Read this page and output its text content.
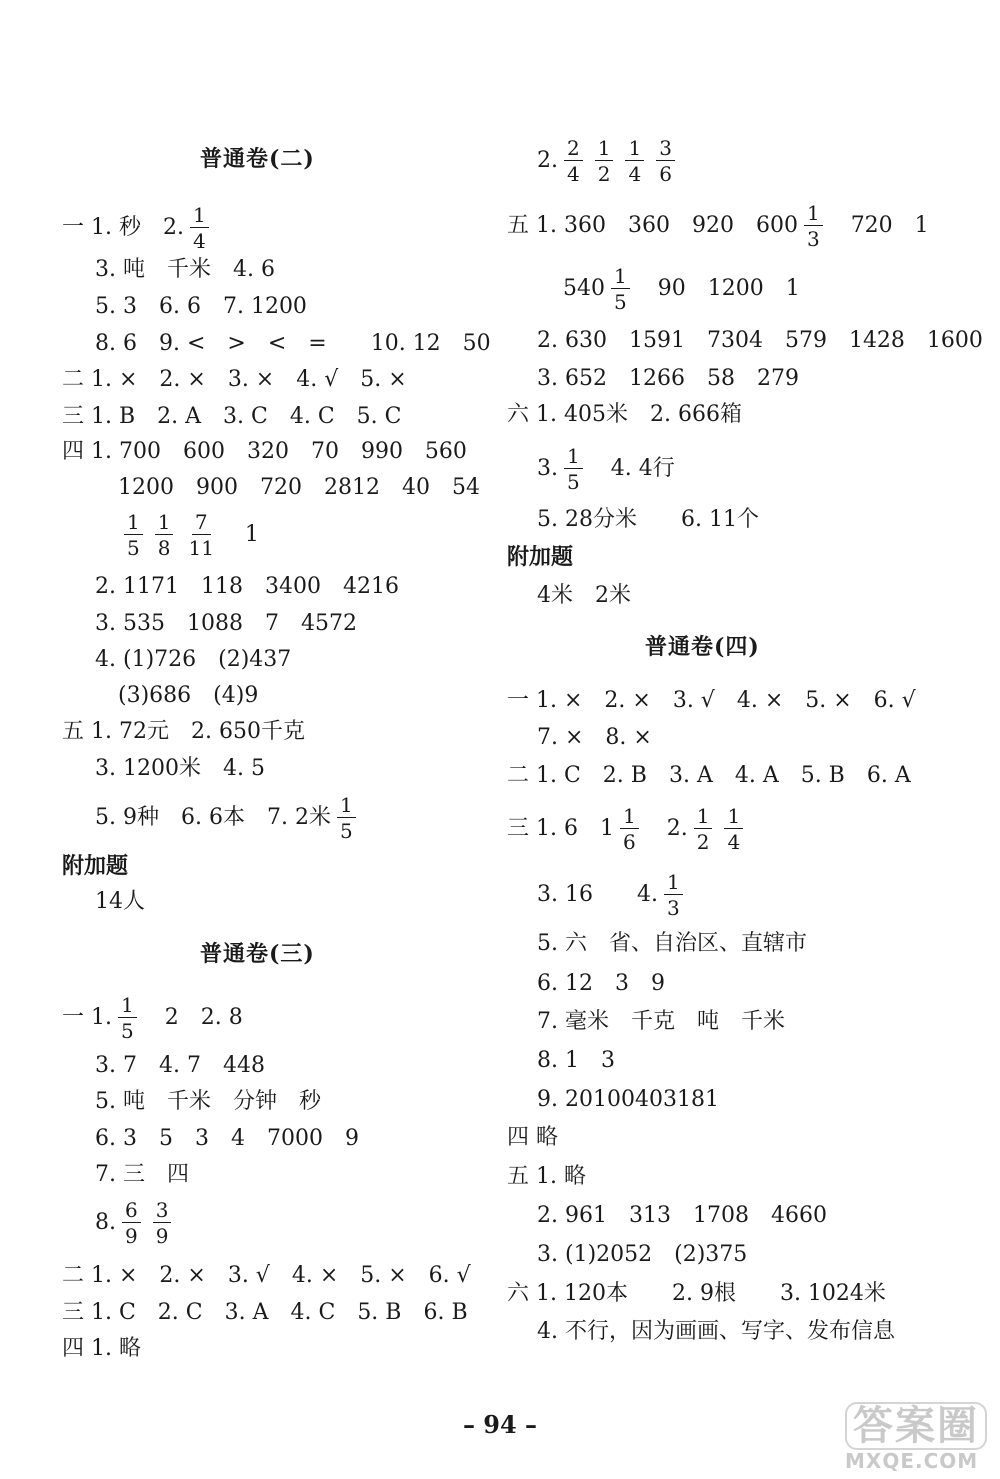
普通卷(二)
一 1. 秒　2. $\frac{1}{4}$
3. 吨　千米　4. 6
5. 3　6. 6　7. 1200
8. 6　9. <　>　<　=　　10. 12　50
二 1. ×　2. ×　3. ×　4. √　5. ×
三 1. B　2. A　3. C　4. C　5. C
四 1. 700　600　320　70　990　560
1200　900　720　2812　40　54
$\frac{1}{5} \frac{1}{8} \frac{7}{11}$ 　1
2. 1171　118　3400　4216
3. 535　1088　7　4572
4. (1)726　(2)437
(3)686　(4)9
五 1. 72元　2. 650千克
3. 1200米　4. 5
5. 9种　6. 6本　7. 2米 $\frac{1}{5}$
附加题
14人
普通卷(三)
一 1. $\frac{1}{5}$ 　2　2. 8
3. 7　4. 7　448
5. 吨　千米　分钟　秒
6. 3　5　3　4　7000　9
7. 三　四
8. $\frac{6}{9} \frac{3}{9}$
二 1. ×　2. ×　3. √　4. ×　5. ×　6. √
三 1. C　2. C　3. A　4. C　5. B　6. B
四 1. 略
2. $\frac{2}{4} \frac{1}{2} \frac{1}{4} \frac{3}{6}$
五 1. 360　360　920　$600 \frac{1}{3}$ 　720　1
$540 \frac{1}{5}$ 　90　1200　1
2. 630　1591　7304　579　1428　1600
3. 652　1266　58　279
六 1. 405米　2. 666箱
3. $\frac{1}{5}$ 　4. 4行
5. 28分米　　6. 11个
附加题
4米　2米
普通卷(四)
一 1. ×　2. ×　3. √　4. ×　5. ×　6. √
7. ×　8. ×
二 1. C　2. B　3. A　4. A　5. B　6. A
三 1. 6　$1 \frac{1}{6}$ 　2. $\frac{1}{2} \frac{1}{4}$
3. 16　　4. $\frac{1}{3}$
5. 六　省、自治区、直辖市
6. 12　3　9
7. 毫米　千克　吨　千米
8. 1　3
9. 20100403181
四 略
五 1. 略
2. 961　313　1708　4660
3. (1)2052　(2)375
六 1. 120本　　2. 9根　　3. 1024米
4. 不行，因为画画、写字、发布信息
– 94 –	答案圈
MXQE.COM
